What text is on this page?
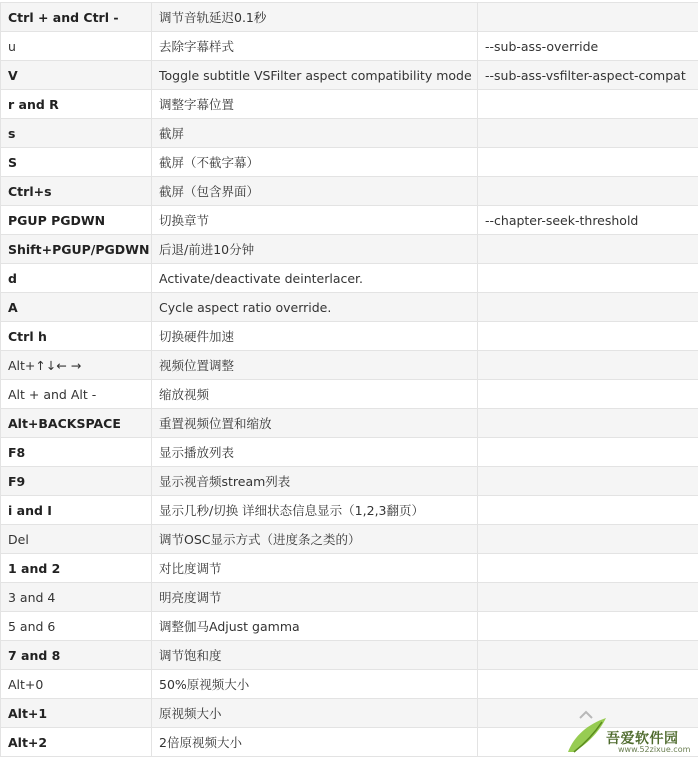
Ctrl + and Ctrl -	调节音轨延迟0.1秒	
u	去除字幕样式	--sub-ass-override
V	Toggle subtitle VSFilter aspect compatibility mode	--sub-ass-vsfilter-aspect-compat
r and R	调整字幕位置	
s	截屏	
S	截屏（不截字幕）	
Ctrl+s	截屏（包含界面）	
PGUP PGDWN	切换章节	--chapter-seek-threshold
Shift+PGUP/PGDWN	后退/前进10分钟	
d	Activate/deactivate deinterlacer.	
A	Cycle aspect ratio override.	
Ctrl h	切换硬件加速	
Alt+↑↓← →	视频位置调整	
Alt + and Alt -	缩放视频	
Alt+BACKSPACE	重置视频位置和缩放	
F8	显示播放列表	
F9	显示视音频stream列表	
i and I	显示几秒/切换 详细状态信息显示（1,2,3翻页）	
Del	调节OSC显示方式（进度条之类的）	
1 and 2	对比度调节	
3 and 4	明亮度调节	
5 and 6	调整伽马Adjust gamma	
7 and 8	调节饱和度	
Alt+0	50%原视频大小	
Alt+1	原视频大小	
Alt+2	2倍原视频大小		吾爱软件园
www.52zixue.com
